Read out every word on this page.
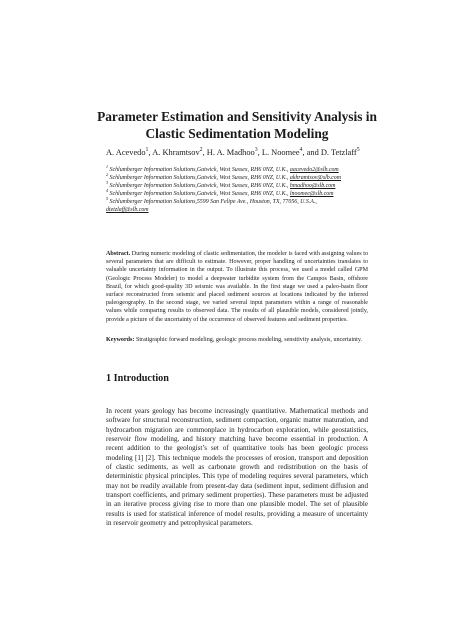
Parameter Estimation and Sensitivity Analysis in
Clastic Sedimentation Modeling
A. Acevedo$^1$, A. Khramtsov$^2$, H. A. Madhoo$^3$, L. Noomee$^4$, and D. Tetzlaff$^5$
$^1$ Schlumberger Information Solutions,Gatwick, West Sussex, RH6 0NZ, U.K., aacevedo2@slb.com
$^2$ Schlumberger Information Solutions,Gatwick, West Sussex, RH6 0NZ, U.K., akhramtsov@slb.com
$^3$ Schlumberger Information Solutions,Gatwick, West Sussex, RH6 0NZ, U.K., hmadhoo@slb.com
$^4$ Schlumberger Information Solutions,Gatwick, West Sussex, RH6 0NZ, U.K., lnoomee@slb.com
$^5$ Schlumberger Information Solutions,5599 San Felipe Ave., Houston, TX, 77056, U.S.A.,
dtetzlaff@slb.com
Abstract. During numeric modeling of clastic sedimentation, the modeler is faced with assigning values to several parameters that are difficult to estimate. However, proper handling of uncertainties translates to valuable uncertainty information in the output. To illustrate this process, we used a model called GPM (Geologic Process Modeler) to model a deepwater turbidite system from the Campos Basin, offshore Brazil, for which good-quality 3D seismic was available. In the first stage we used a paleo-basin floor surface reconstructed from seismic and placed sediment sources at locations indicated by the inferred paleogeography. In the second stage, we varied several input parameters within a range of reasonable values while comparing results to observed data. The results of all plausible models, considered jointly, provide a picture of the uncertainty of the occurrence of observed features and sediment properties.
Keywords: Stratigraphic forward modeling, geologic process modeling, sensitivity analysis, uncertainty.
1 Introduction
In recent years geology has become increasingly quantitative. Mathematical methods and software for structural reconstruction, sediment compaction, organic matter maturation, and hydrocarbon migration are commonplace in hydrocarbon exploration, while geostatistics, reservoir flow modeling, and history matching have become essential in production. A recent addition to the geologist’s set of quantitative tools has been geologic process modeling [1] [2]. This technique models the processes of erosion, transport and deposition of clastic sediments, as well as carbonate growth and redistribution on the basis of deterministic physical principles. This type of modeling requires several parameters, which may not be readily available from present-day data (sediment input, sediment diffusion and transport coefficients, and primary sediment properties). These parameters must be adjusted in an iterative process giving rise to more than one plausible model. The set of plausible results is used for statistical inference of model results, providing a measure of uncertainty in reservoir geometry and petrophysical parameters.
